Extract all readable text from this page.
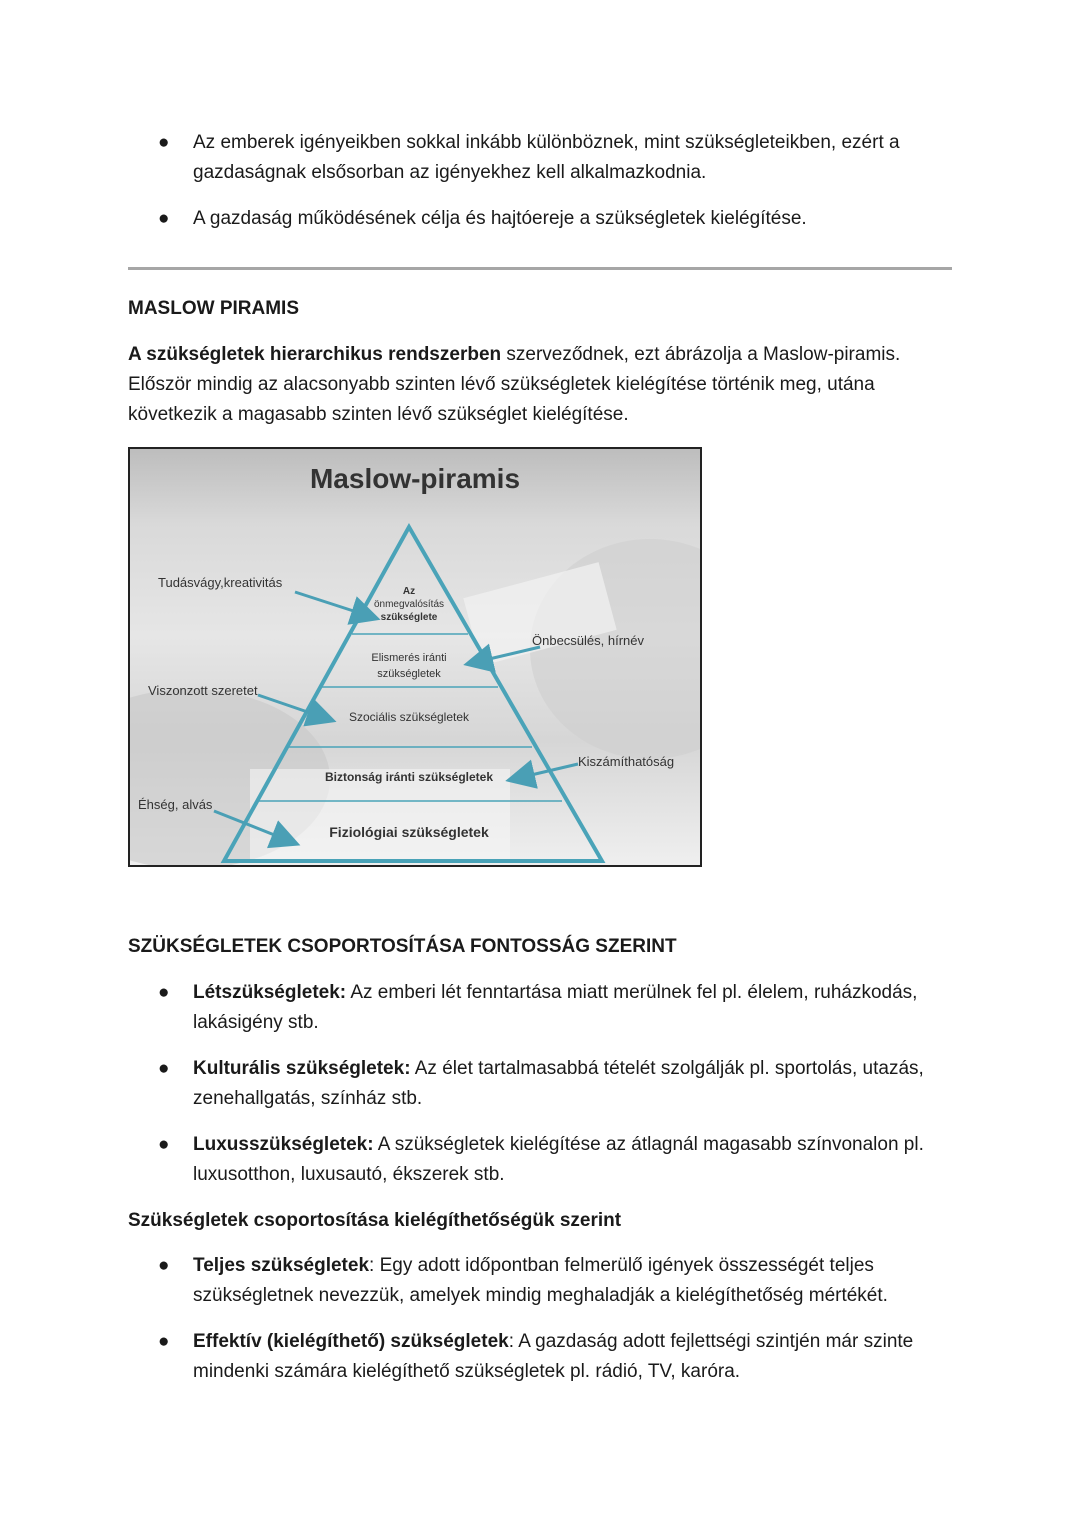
● Az emberek igényeikben sokkal inkább különböznek, mint szükségleteikben, ezért a gazdaságnak elsősorban az igényekhez kell alkalmazkodnia.
● A gazdaság működésének célja és hajtóereje a szükségletek kielégítése.
MASLOW PIRAMIS
A szükségletek hierarchikus rendszerben szerveződnek, ezt ábrázolja a Maslow-piramis. Először mindig az alacsonyabb szinten lévő szükségletek kielégítése történik meg, utána következik a magasabb szinten lévő szükséglet kielégítése.
Maslow-piramis
Az
önmegvalósítás
szükséglete
Elismerés iránti
szükségletek
Szociális szükségletek
Biztonság iránti szükségletek
Fiziológiai szükségletek
Tudásvágy,kreativitás
Önbecsülés, hírnév
Viszonzott szeretet
Kiszámíthatóság
Éhség, alvás
SZÜKSÉGLETEK CSOPORTOSÍTÁSA FONTOSSÁG SZERINT
● Létszükségletek: Az emberi lét fenntartása miatt merülnek fel pl. élelem, ruházkodás, lakásigény stb.
● Kulturális szükségletek: Az élet tartalmasabbá tételét szolgálják pl. sportolás, utazás, zenehallgatás, színház stb.
● Luxusszükségletek: A szükségletek kielégítése az átlagnál magasabb színvonalon pl. luxusotthon, luxusautó, ékszerek stb.
Szükségletek csoportosítása kielégíthetőségük szerint
● Teljes szükségletek: Egy adott időpontban felmerülő igények összességét teljes szükségletnek nevezzük, amelyek mindig meghaladják a kielégíthetőség mértékét.
● Effektív (kielégíthető) szükségletek: A gazdaság adott fejlettségi szintjén már szinte mindenki számára kielégíthető szükségletek pl. rádió, TV, karóra.
